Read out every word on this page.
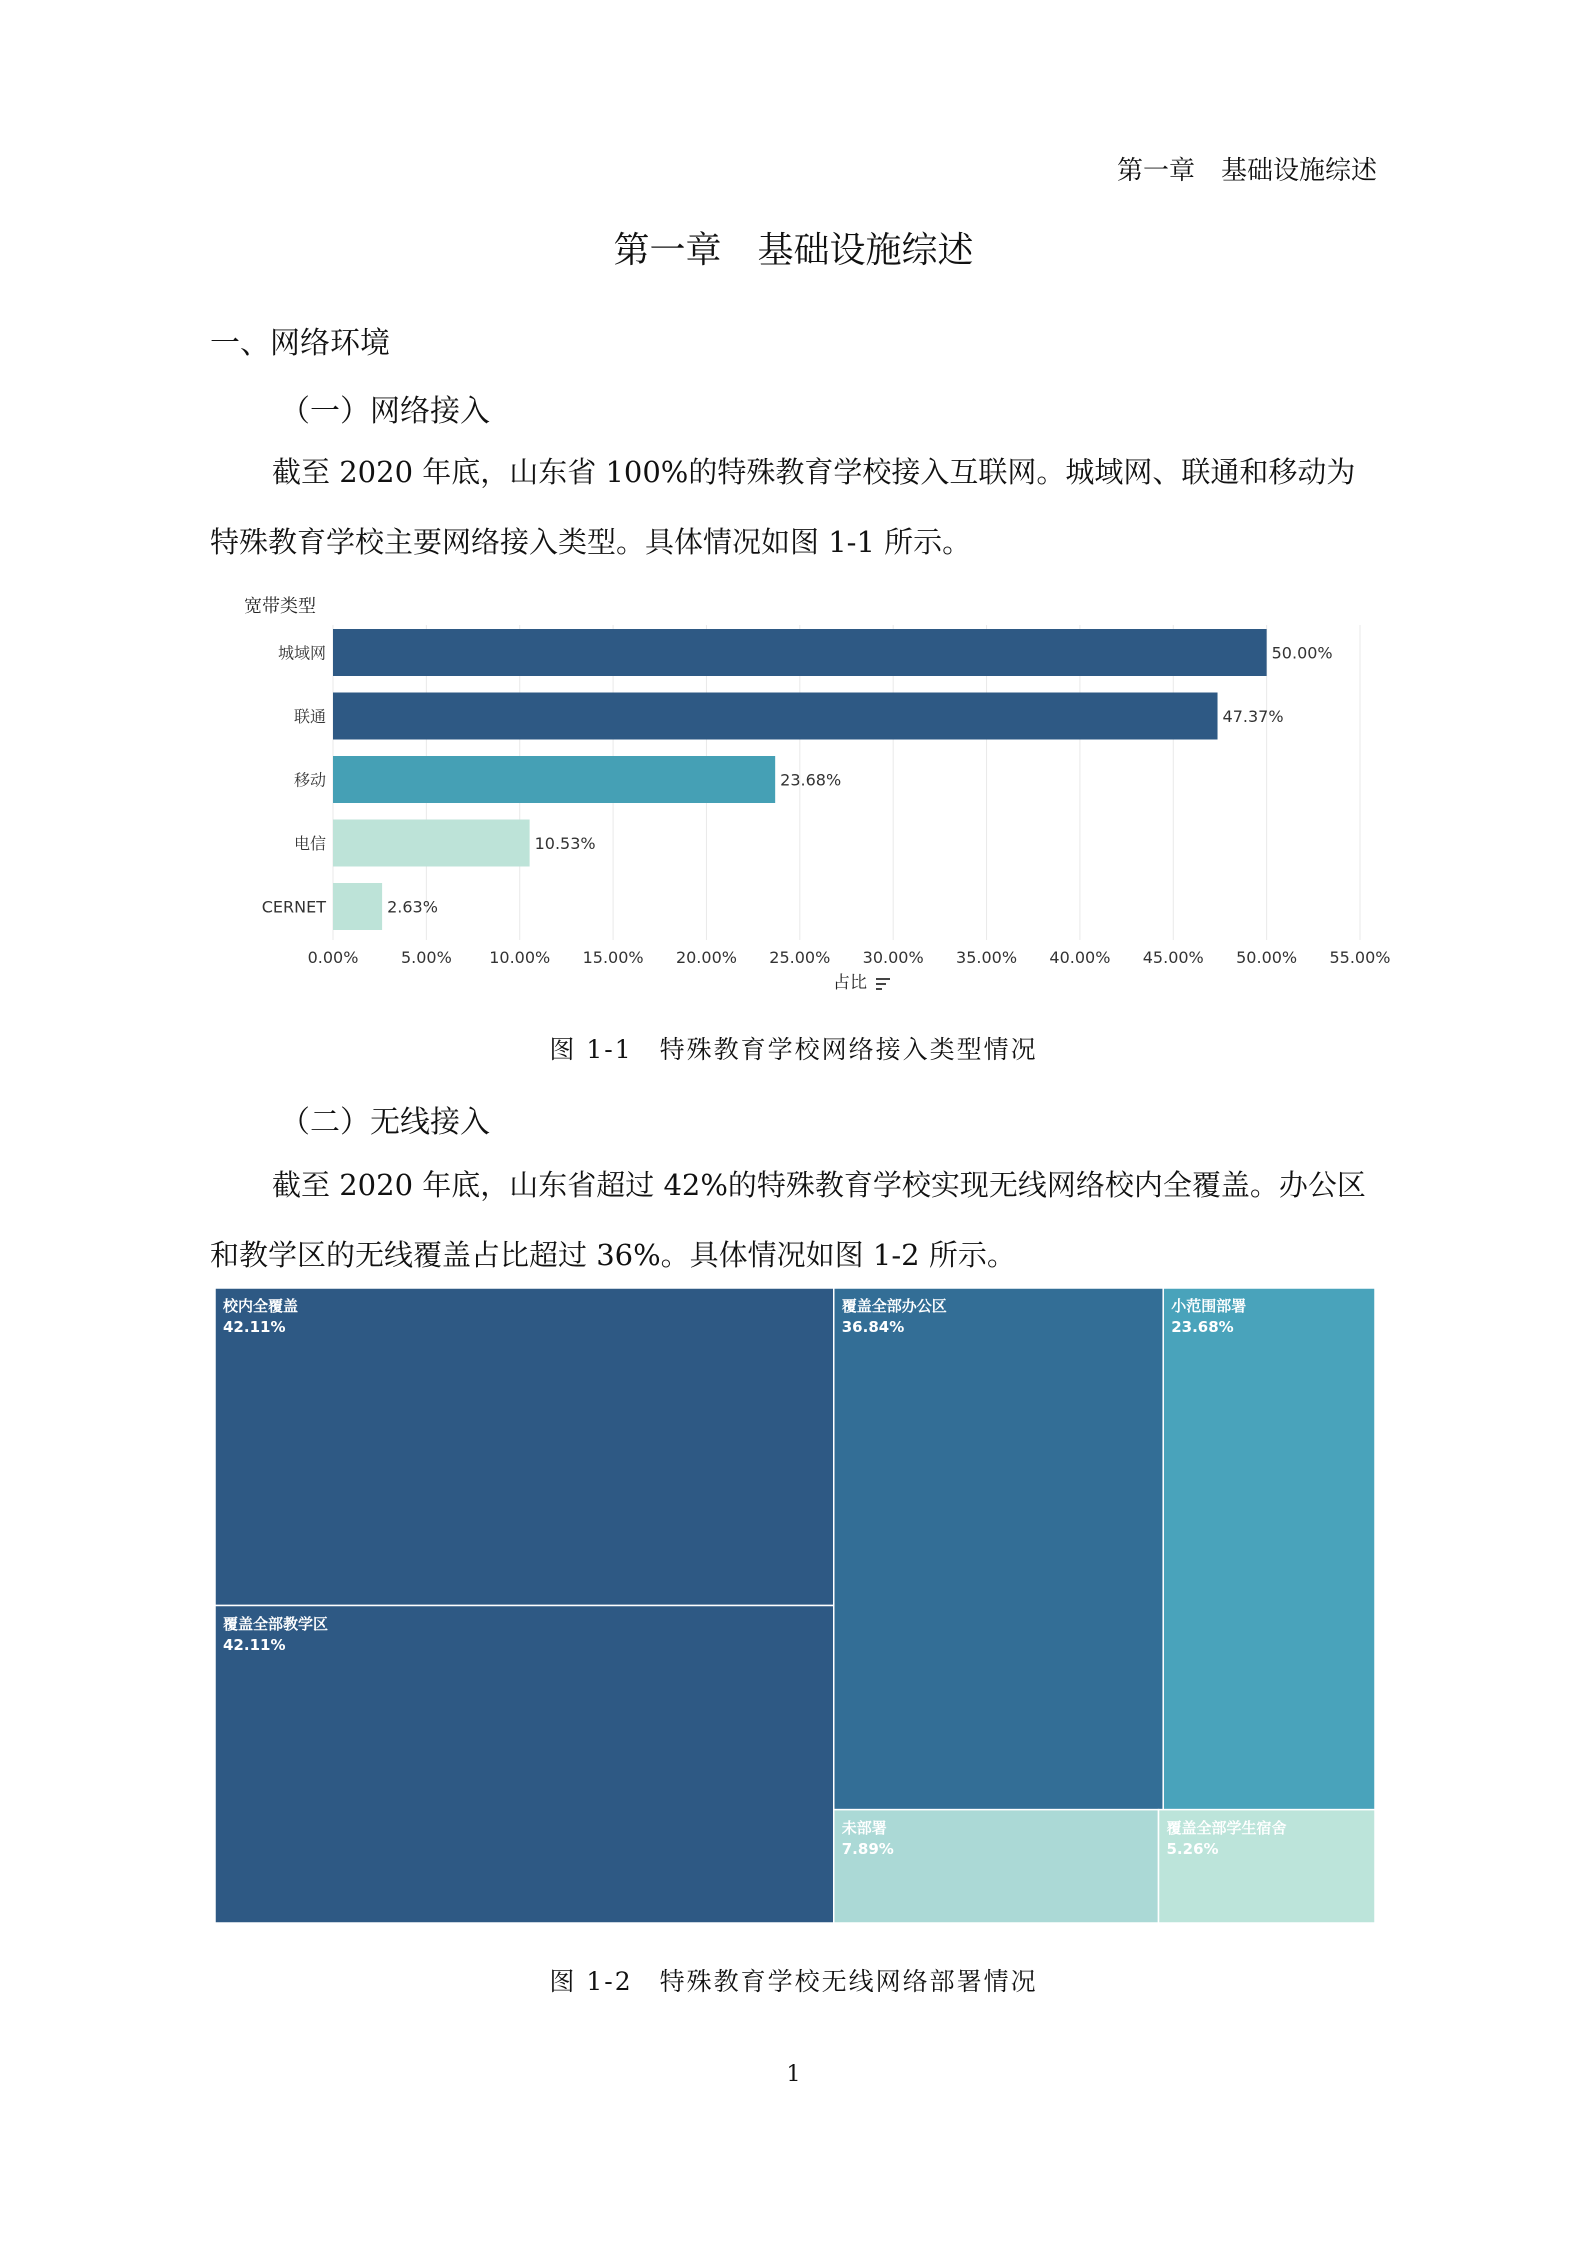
第一章　基础设施综述
第一章　基础设施综述
一、网络环境
（一）网络接入
截至 2020 年底，山东省 100%的特殊教育学校接入互联网。城域网、联通和移动为特殊教育学校主要网络接入类型。具体情况如图 1-1 所示。
宽带类型
城域网	50.00%
联通	47.37%
移动	23.68%
电信	10.53%
CERNET	2.63%
0.00%	5.00% 10.00% 15.00% 20.00% 25.00% 30.00% 35.00% 40.00% 45.00% 50.00% 55.00%
占比
图 1-1　特殊教育学校网络接入类型情况
（二）无线接入
截至 2020 年底，山东省超过 42%的特殊教育学校实现无线网络校内全覆盖。办公区和教学区的无线覆盖占比超过 36%。具体情况如图 1-2 所示。
校内全覆盖
42.11%
覆盖全部教学区
42.11%
覆盖全部办公区
36.84%
小范围部署
23.68%
未部署
7.89%
覆盖全部学生宿舍
5.26%
图 1-2　特殊教育学校无线网络部署情况
1
